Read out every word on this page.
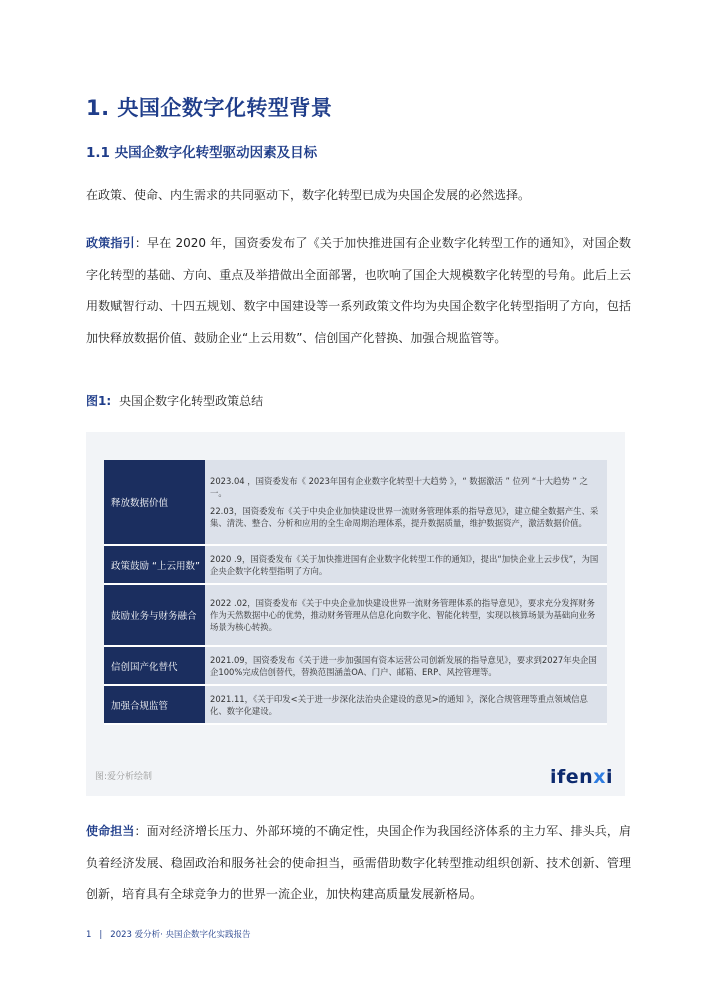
1. 央国企数字化转型背景
1.1 央国企数字化转型驱动因素及目标
在政策、使命、内生需求的共同驱动下，数字化转型已成为央国企发展的必然选择。
政策指引：早在 2020 年，国资委发布了《关于加快推进国有企业数字化转型工作的通知》，对国企数字化转型的基础、方向、重点及举措做出全面部署，也吹响了国企大规模数字化转型的号角。此后上云用数赋智行动、十四五规划、数字中国建设等一系列政策文件均为央国企数字化转型指明了方向，包括加快释放数据价值、鼓励企业“上云用数”、信创国产化替换、加强合规监管等。
图1: 央国企数字化转型政策总结
释放数据价值
2023.04 ，国资委发布《 2023年国有企业数字化转型十大趋势 》，“ 数据激活 ” 位列 “十大趋势 ” 之一。
22.03，国资委发布《关于中央企业加快建设世界一流财务管理体系的指导意见》，建立健全数据产生、采集、清洗、整合、分析和应用的全生命周期治理体系，提升数据质量，维护数据资产，激活数据价值。
政策鼓励 “上云用数”
2020 .9，国资委发布《关于加快推进国有企业数字化转型工作的通知》，提出“加快企业上云步伐”，为国企央企数字化转型指明了方向。
鼓励业务与财务融合
2022 .02，国资委发布《关于中央企业加快建设世界一流财务管理体系的指导意见》，要求充分发挥财务作为天然数据中心的优势，推动财务管理从信息化向数字化、智能化转型，实现以核算场景为基础向业务场景为核心转换。
信创国产化替代
2021.09，国资委发布《关于进一步加强国有资本运营公司创新发展的指导意见》，要求到2027年央企国企100%完成信创替代，替换范围涵盖OA、门户、邮箱、ERP、风控管理等。
加强合规监管
2021.11，《关于印发<关于进一步深化法治央企建设的意见>的通知 》，深化合规管理等重点领域信息化、数字化建设。
图:爱分析绘制	ifenxi
使命担当：面对经济增长压力、外部环境的不确定性，央国企作为我国经济体系的主力军、排头兵，肩负着经济发展、稳固政治和服务社会的使命担当，亟需借助数字化转型推动组织创新、技术创新、管理创新，培育具有全球竞争力的世界一流企业，加快构建高质量发展新格局。
1 | 2023 爱分析· 央国企数字化实践报告
